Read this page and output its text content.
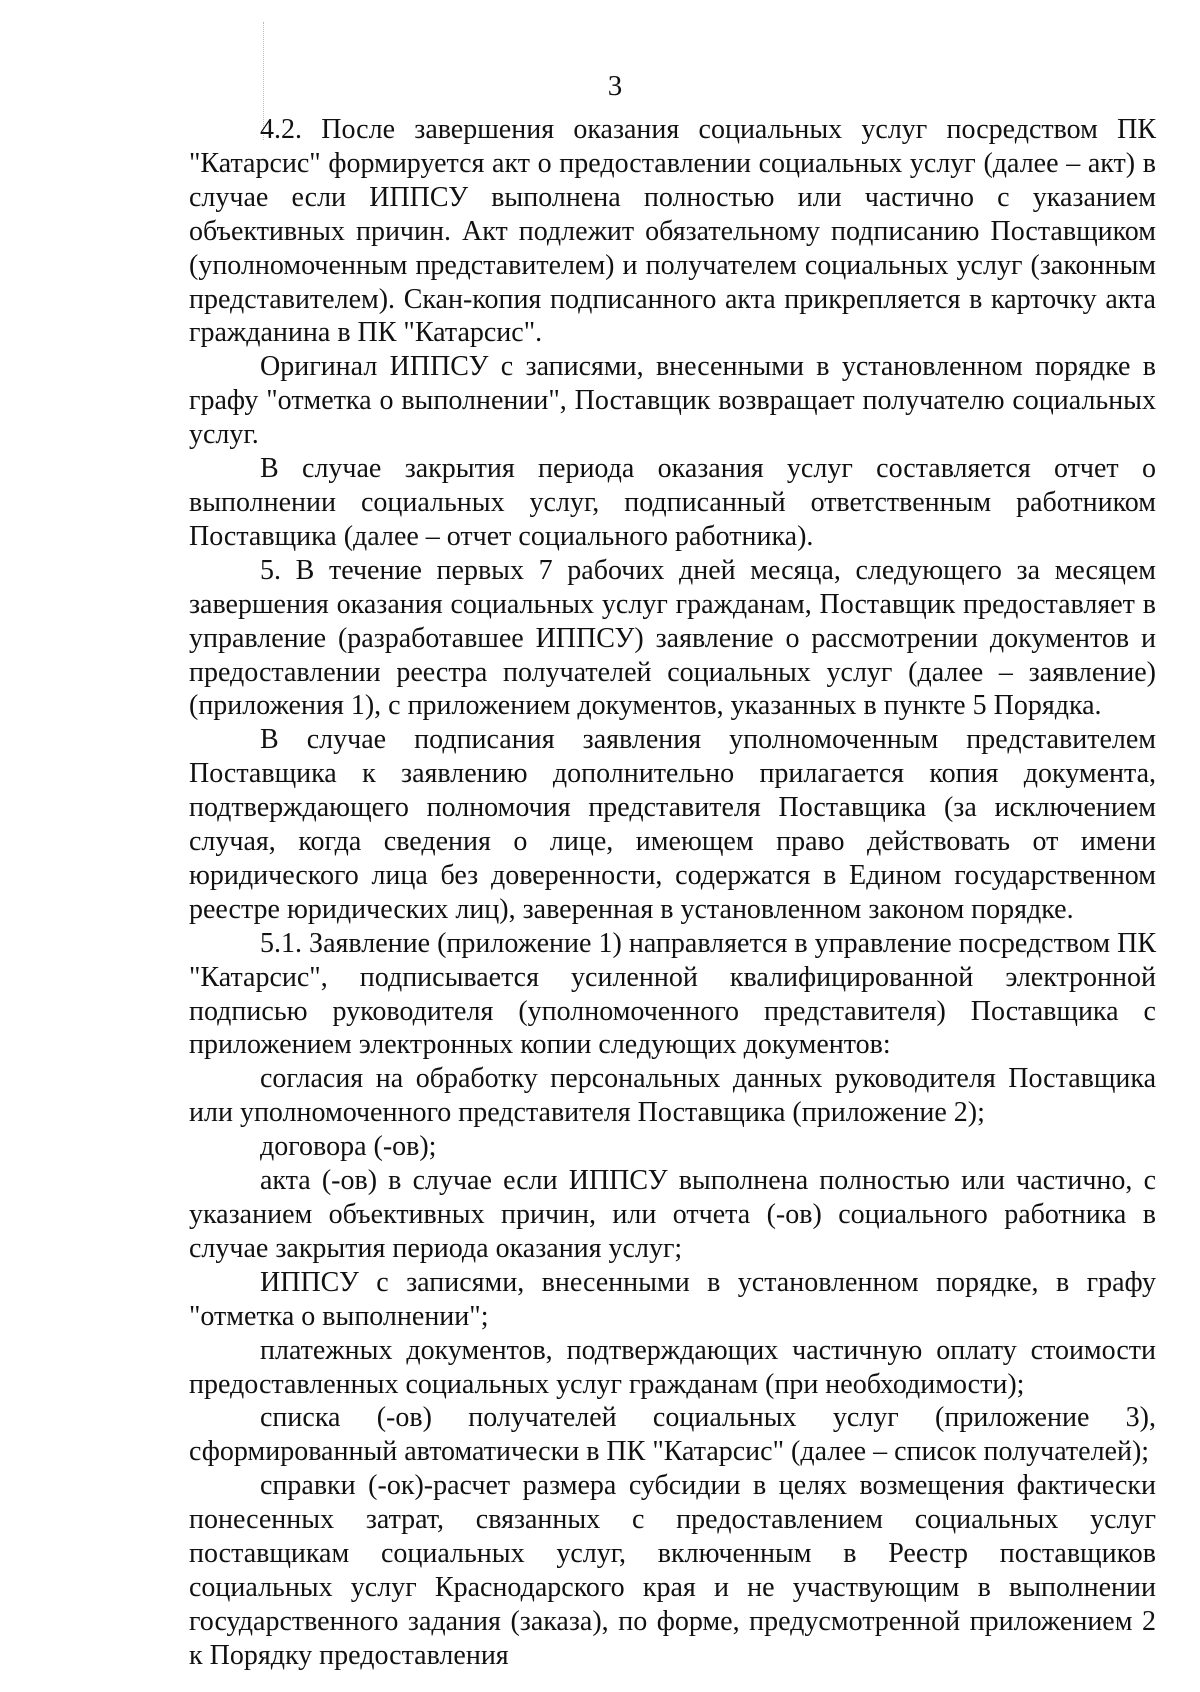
3

4.2. После завершения оказания социальных услуг посредством ПК "Катарсис" формируется акт о предоставлении социальных услуг (далее – акт) в случае если ИППСУ выполнена полностью или частично с указанием объективных причин. Акт подлежит обязательному подписанию Поставщиком (уполномоченным представителем) и получателем социальных услуг (законным представителем). Скан-копия подписанного акта прикрепляется в карточку акта гражданина в ПК "Катарсис".

Оригинал ИППСУ с записями, внесенными в установленном порядке в графу "отметка о выполнении", Поставщик возвращает получателю социальных услуг.

В случае закрытия периода оказания услуг составляется отчет о выполнении социальных услуг, подписанный ответственным работником Поставщика (далее – отчет социального работника).

5. В течение первых 7 рабочих дней месяца, следующего за месяцем завершения оказания социальных услуг гражданам, Поставщик предоставляет в управление (разработавшее ИППСУ) заявление о рассмотрении документов и предоставлении реестра получателей социальных услуг (далее – заявление) (приложения 1), с приложением документов, указанных в пункте 5 Порядка.

В случае подписания заявления уполномоченным представителем Поставщика к заявлению дополнительно прилагается копия документа, подтверждающего полномочия представителя Поставщика (за исключением случая, когда сведения о лице, имеющем право действовать от имени юридического лица без доверенности, содержатся в Едином государственном реестре юридических лиц), заверенная в установленном законом порядке.

5.1. Заявление (приложение 1) направляется в управление посредством ПК "Катарсис", подписывается усиленной квалифицированной электронной подписью руководителя (уполномоченного представителя) Поставщика с приложением электронных копии следующих документов:

согласия на обработку персональных данных руководителя Поставщика или уполномоченного представителя Поставщика (приложение 2);

договора (-ов);

акта (-ов) в случае если ИППСУ выполнена полностью или частично, с указанием объективных причин, или отчета (-ов) социального работника в случае закрытия периода оказания услуг;

ИППСУ с записями, внесенными в установленном порядке, в графу "отметка о выполнении";

платежных документов, подтверждающих частичную оплату стоимости предоставленных социальных услуг гражданам (при необходимости);

списка (-ов) получателей социальных услуг (приложение 3), сформированный автоматически в ПК "Катарсис" (далее – список получателей);

справки (-ок)-расчет размера субсидии в целях возмещения фактически понесенных затрат, связанных с предоставлением социальных услуг поставщикам социальных услуг, включенным в Реестр поставщиков социальных услуг Краснодарского края и не участвующим в выполнении государственного задания (заказа), по форме, предусмотренной приложением 2 к Порядку предоставления
